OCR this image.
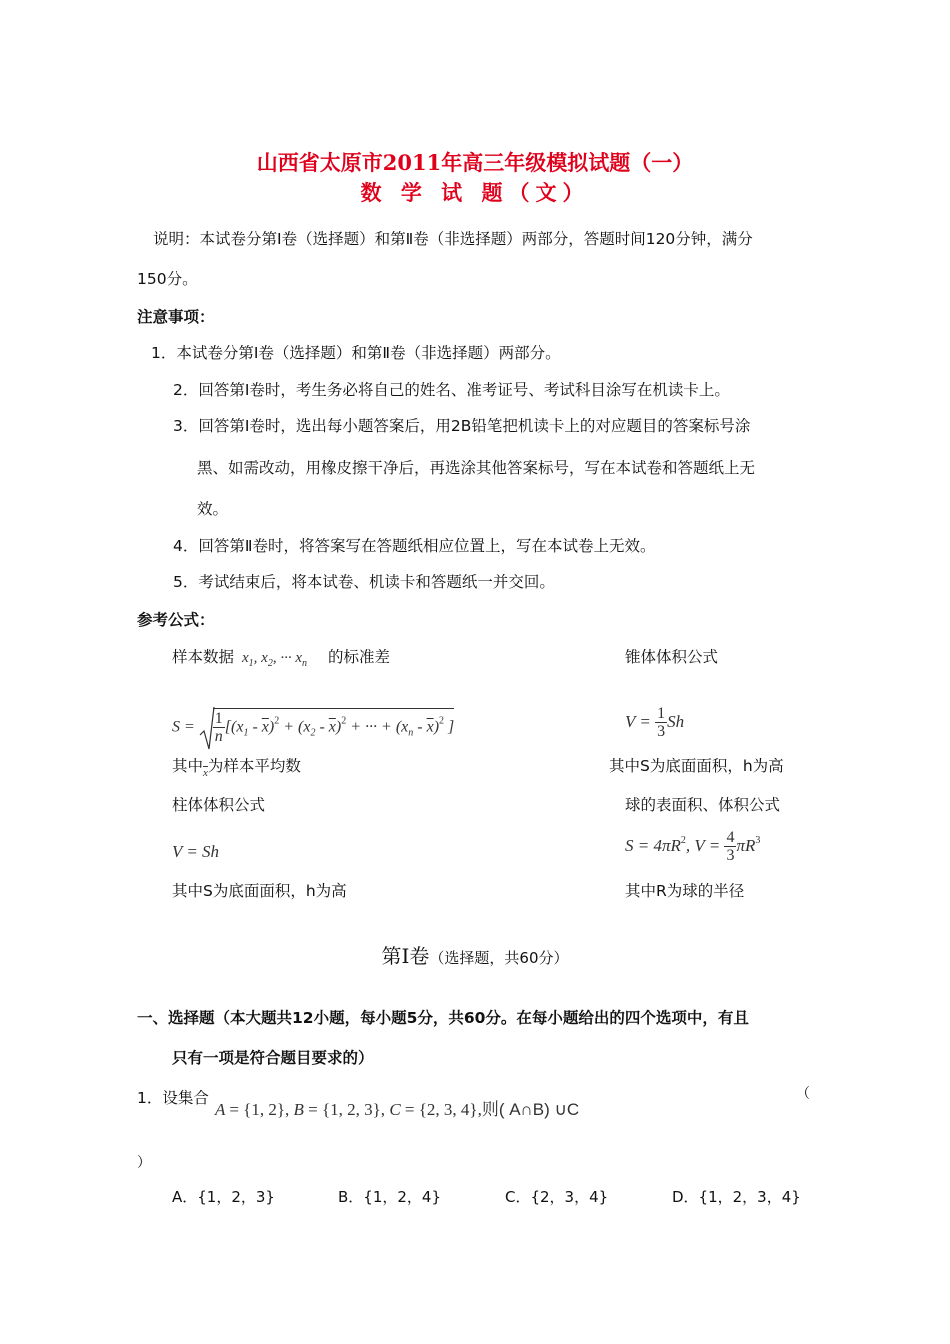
山西省太原市2011年高三年级模拟试题（一）
数 学 试 题（文）
说明：本试卷分第Ⅰ卷（选择题）和第Ⅱ卷（非选择题）两部分，答题时间120分钟，满分
150分。
注意事项：
1．本试卷分第Ⅰ卷（选择题）和第Ⅱ卷（非选择题）两部分。
2．回答第Ⅰ卷时，考生务必将自己的姓名、准考证号、考试科目涂写在机读卡上。
3．回答第Ⅰ卷时，选出每小题答案后，用2B铅笔把机读卡上的对应题目的答案标号涂
黑、如需改动，用橡皮擦干净后，再选涂其他答案标号，写在本试卷和答题纸上无
效。
4．回答第Ⅱ卷时，将答案写在答题纸相应位置上，写在本试卷上无效。
5．考试结束后，将本试卷、机读卡和答题纸一并交回。
参考公式：
样本数据 $x_1$, $x_2$, ··· $x_n$ 的标准差
$S = \frac{1}{n} [(x_1 - \overline{x})^2 + (x_2 - \overline{x})^2$ + ··· + $(x_n - \overline{x})^2$ ]
其中$_{\overline{x}}$为样本平均数
锥体体积公式
$V = \frac{1}{3}$ Sh
其中S为底面面积，h为高
柱体体积公式
V = Sh
其中S为底面面积，h为高
球的表面积、体积公式
$S = 4\pi R^2$, $V = \frac{4}{3} \pi R^3$
其中R为球的半径
第Ⅰ卷（选择题，共60分）
一、选择题（本大题共12小题，每小题5分，共60分。在每小题给出的四个选项中，有且
只有一项是符合题目要求的）
1．设集合
A = {1, 2}, B = {1, 2, 3}, C = {2, 3, 4},则( A∩B) ∪C
（
）
A．{1，2，3}	B．{1，2，4}	C．{2，3，4}	D．{1，2，3，4}
